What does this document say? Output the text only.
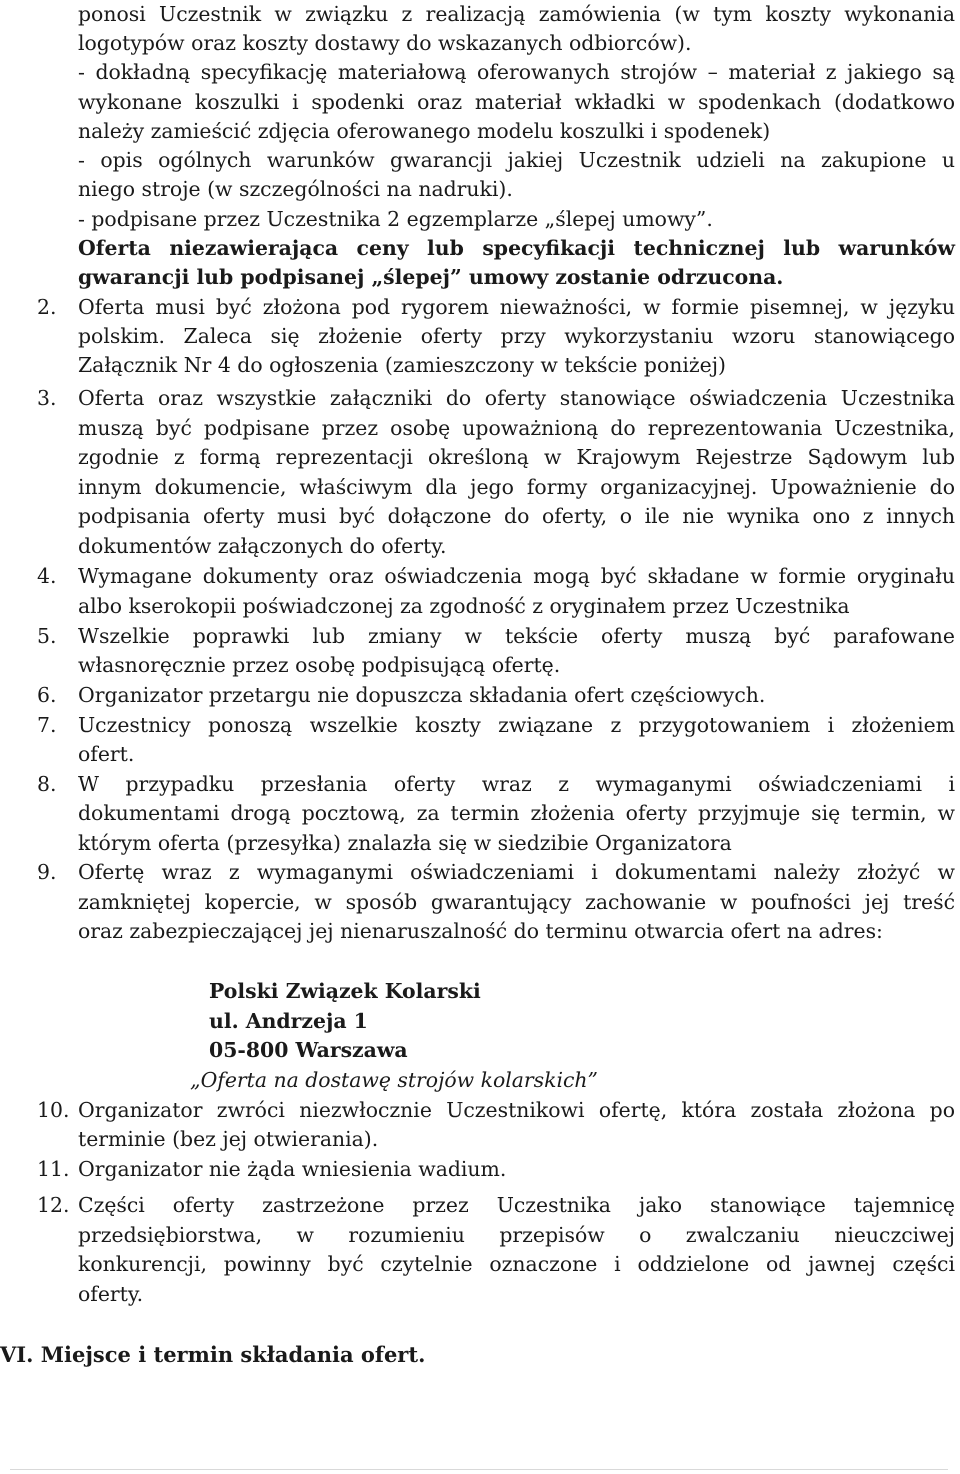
ponosi Uczestnik w związku z realizacją zamówienia (w tym koszty wykonania
logotypów oraz koszty dostawy do wskazanych odbiorców).
- dokładną specyfikację materiałową oferowanych strojów – materiał z jakiego są
wykonane koszulki i spodenki oraz materiał wkładki w spodenkach (dodatkowo
należy zamieścić zdjęcia oferowanego modelu koszulki i spodenek)
- opis ogólnych warunków gwarancji jakiej Uczestnik udzieli na zakupione u
niego stroje (w szczególności na nadruki).
- podpisane przez Uczestnika 2 egzemplarze „ślepej umowy”.
Oferta niezawierająca ceny lub specyfikacji technicznej lub warunków
gwarancji lub podpisanej „ślepej” umowy zostanie odrzucona.
2. Oferta musi być złożona pod rygorem nieważności, w formie pisemnej, w języku
polskim. Zaleca się złożenie oferty przy wykorzystaniu wzoru stanowiącego
Załącznik Nr 4 do ogłoszenia (zamieszczony w tekście poniżej)
3. Oferta oraz wszystkie załączniki do oferty stanowiące oświadczenia Uczestnika
muszą być podpisane przez osobę upoważnioną do reprezentowania Uczestnika,
zgodnie z formą reprezentacji określoną w Krajowym Rejestrze Sądowym lub
innym dokumencie, właściwym dla jego formy organizacyjnej. Upoważnienie do
podpisania oferty musi być dołączone do oferty, o ile nie wynika ono z innych
dokumentów załączonych do oferty.
4. Wymagane dokumenty oraz oświadczenia mogą być składane w formie oryginału
albo kserokopii poświadczonej za zgodność z oryginałem przez Uczestnika
5. Wszelkie poprawki lub zmiany w tekście oferty muszą być parafowane
własnoręcznie przez osobę podpisującą ofertę.
6. Organizator przetargu nie dopuszcza składania ofert częściowych.
7. Uczestnicy ponoszą wszelkie koszty związane z przygotowaniem i złożeniem
ofert.
8. W przypadku przesłania oferty wraz z wymaganymi oświadczeniami i
dokumentami drogą pocztową, za termin złożenia oferty przyjmuje się termin, w
którym oferta (przesyłka) znalazła się w siedzibie Organizatora
9. Ofertę wraz z wymaganymi oświadczeniami i dokumentami należy złożyć w
zamkniętej kopercie, w sposób gwarantujący zachowanie w poufności jej treść
oraz zabezpieczającej jej nienaruszalność do terminu otwarcia ofert na adres:
Polski Związek Kolarski
ul. Andrzeja 1
05-800 Warszawa
„Oferta na dostawę strojów kolarskich”
10. Organizator zwróci niezwłocznie Uczestnikowi ofertę, która została złożona po
terminie (bez jej otwierania).
11. Organizator nie żąda wniesienia wadium.
12. Części oferty zastrzeżone przez Uczestnika jako stanowiące tajemnicę
przedsiębiorstwa, w rozumieniu przepisów o zwalczaniu nieuczciwej
konkurencji, powinny być czytelnie oznaczone i oddzielone od jawnej części
oferty.
VI. Miejsce i termin składania ofert.
